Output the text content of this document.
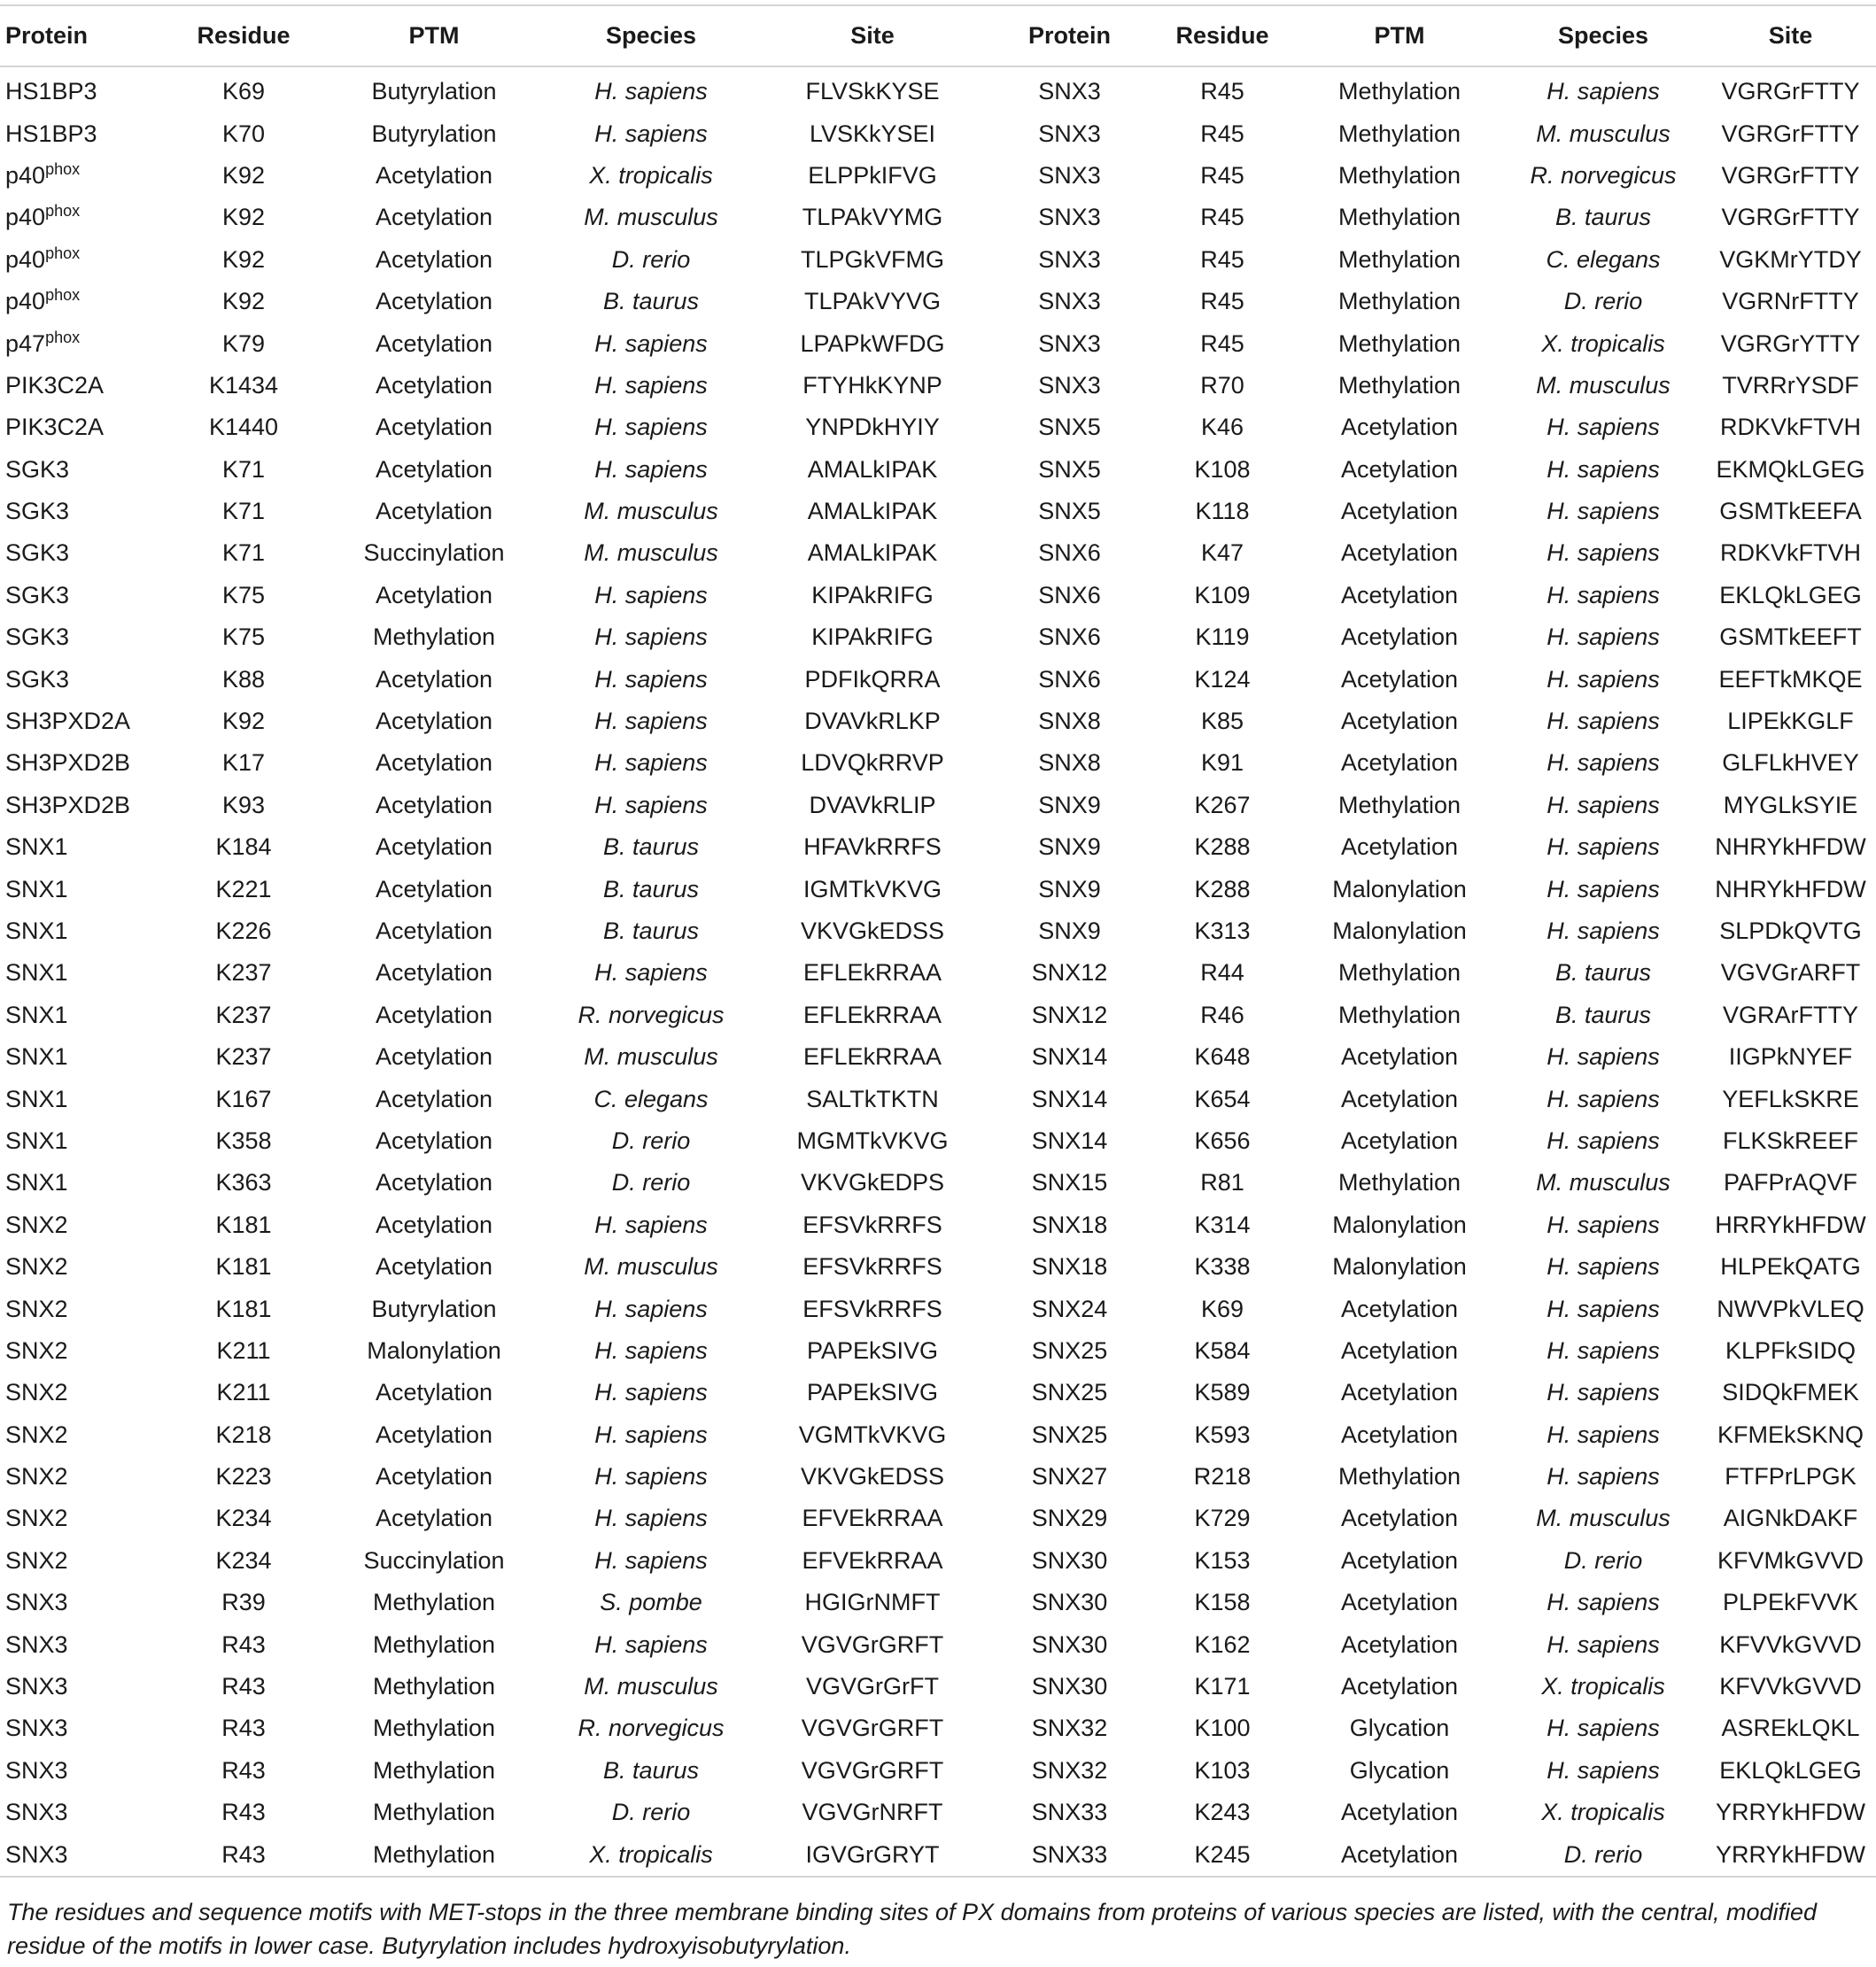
Protein	Residue	PTM	Species	Site	Protein	Residue	PTM	Species	Site
HS1BP3	K69	Butyrylation	H. sapiens	FLVSkKYSE	SNX3	R45	Methylation	H. sapiens	VGRGrFTTY
HS1BP3	K70	Butyrylation	H. sapiens	LVSKkYSEI	SNX3	R45	Methylation	M. musculus	VGRGrFTTY
$p40^{phox}$	K92	Acetylation	X. tropicalis	ELPPkIFVG	SNX3	R45	Methylation	R. norvegicus	VGRGrFTTY
$p40^{phox}$	K92	Acetylation	M. musculus	TLPAkVYMG	SNX3	R45	Methylation	B. taurus	VGRGrFTTY
$p40^{phox}$	K92	Acetylation	D. rerio	TLPGkVFMG	SNX3	R45	Methylation	C. elegans	VGKMrYTDY
$p40^{phox}$	K92	Acetylation	B. taurus	TLPAkVYVG	SNX3	R45	Methylation	D. rerio	VGRNrFTTY
$p47^{phox}$	K79	Acetylation	H. sapiens	LPAPkWFDG	SNX3	R45	Methylation	X. tropicalis	VGRGrYTTY
PIK3C2A	K1434	Acetylation	H. sapiens	FTYHkKYNP	SNX3	R70	Methylation	M. musculus	TVRRrYSDF
PIK3C2A	K1440	Acetylation	H. sapiens	YNPDkHYIY	SNX5	K46	Acetylation	H. sapiens	RDKVkFTVH
SGK3	K71	Acetylation	H. sapiens	AMALkIPAK	SNX5	K108	Acetylation	H. sapiens	EKMQkLGEG
SGK3	K71	Acetylation	M. musculus	AMALkIPAK	SNX5	K118	Acetylation	H. sapiens	GSMTkEEFA
SGK3	K71	Succinylation	M. musculus	AMALkIPAK	SNX6	K47	Acetylation	H. sapiens	RDKVkFTVH
SGK3	K75	Acetylation	H. sapiens	KIPAkRIFG	SNX6	K109	Acetylation	H. sapiens	EKLQkLGEG
SGK3	K75	Methylation	H. sapiens	KIPAkRIFG	SNX6	K119	Acetylation	H. sapiens	GSMTkEEFT
SGK3	K88	Acetylation	H. sapiens	PDFIkQRRA	SNX6	K124	Acetylation	H. sapiens	EEFTkMKQE
SH3PXD2A	K92	Acetylation	H. sapiens	DVAVkRLKP	SNX8	K85	Acetylation	H. sapiens	LIPEkKGLF
SH3PXD2B	K17	Acetylation	H. sapiens	LDVQkRRVP	SNX8	K91	Acetylation	H. sapiens	GLFLkHVEY
SH3PXD2B	K93	Acetylation	H. sapiens	DVAVkRLIP	SNX9	K267	Methylation	H. sapiens	MYGLkSYIE
SNX1	K184	Acetylation	B. taurus	HFAVkRRFS	SNX9	K288	Acetylation	H. sapiens	NHRYkHFDW
SNX1	K221	Acetylation	B. taurus	IGMTkVKVG	SNX9	K288	Malonylation	H. sapiens	NHRYkHFDW
SNX1	K226	Acetylation	B. taurus	VKVGkEDSS	SNX9	K313	Malonylation	H. sapiens	SLPDkQVTG
SNX1	K237	Acetylation	H. sapiens	EFLEkRRAA	SNX12	R44	Methylation	B. taurus	VGVGrARFT
SNX1	K237	Acetylation	R. norvegicus	EFLEkRRAA	SNX12	R46	Methylation	B. taurus	VGRArFTTY
SNX1	K237	Acetylation	M. musculus	EFLEkRRAA	SNX14	K648	Acetylation	H. sapiens	IIGPkNYEF
SNX1	K167	Acetylation	C. elegans	SALTkTKTN	SNX14	K654	Acetylation	H. sapiens	YEFLkSKRE
SNX1	K358	Acetylation	D. rerio	MGMTkVKVG	SNX14	K656	Acetylation	H. sapiens	FLKSkREEF
SNX1	K363	Acetylation	D. rerio	VKVGkEDPS	SNX15	R81	Methylation	M. musculus	PAFPrAQVF
SNX2	K181	Acetylation	H. sapiens	EFSVkRRFS	SNX18	K314	Malonylation	H. sapiens	HRRYkHFDW
SNX2	K181	Acetylation	M. musculus	EFSVkRRFS	SNX18	K338	Malonylation	H. sapiens	HLPEkQATG
SNX2	K181	Butyrylation	H. sapiens	EFSVkRRFS	SNX24	K69	Acetylation	H. sapiens	NWVPkVLEQ
SNX2	K211	Malonylation	H. sapiens	PAPEkSIVG	SNX25	K584	Acetylation	H. sapiens	KLPFkSIDQ
SNX2	K211	Acetylation	H. sapiens	PAPEkSIVG	SNX25	K589	Acetylation	H. sapiens	SIDQkFMEK
SNX2	K218	Acetylation	H. sapiens	VGMTkVKVG	SNX25	K593	Acetylation	H. sapiens	KFMEkSKNQ
SNX2	K223	Acetylation	H. sapiens	VKVGkEDSS	SNX27	R218	Methylation	H. sapiens	FTFPrLPGK
SNX2	K234	Acetylation	H. sapiens	EFVEkRRAA	SNX29	K729	Acetylation	M. musculus	AIGNkDAKF
SNX2	K234	Succinylation	H. sapiens	EFVEkRRAA	SNX30	K153	Acetylation	D. rerio	KFVMkGVVD
SNX3	R39	Methylation	S. pombe	HGIGrNMFT	SNX30	K158	Acetylation	H. sapiens	PLPEkFVVK
SNX3	R43	Methylation	H. sapiens	VGVGrGRFT	SNX30	K162	Acetylation	H. sapiens	KFVVkGVVD
SNX3	R43	Methylation	M. musculus	VGVGrGrFT	SNX30	K171	Acetylation	X. tropicalis	KFVVkGVVD
SNX3	R43	Methylation	R. norvegicus	VGVGrGRFT	SNX32	K100	Glycation	H. sapiens	ASREkLQKL
SNX3	R43	Methylation	B. taurus	VGVGrGRFT	SNX32	K103	Glycation	H. sapiens	EKLQkLGEG
SNX3	R43	Methylation	D. rerio	VGVGrNRFT	SNX33	K243	Acetylation	X. tropicalis	YRRYkHFDW
SNX3	R43	Methylation	X. tropicalis	IGVGrGRYT	SNX33	K245	Acetylation	D. rerio	YRRYkHFDW
The residues and sequence motifs with MET-stops in the three membrane binding sites of PX domains from proteins of various species are listed, with the central, modified residue of the motifs in lower case. Butyrylation includes hydroxyisobutyrylation.
